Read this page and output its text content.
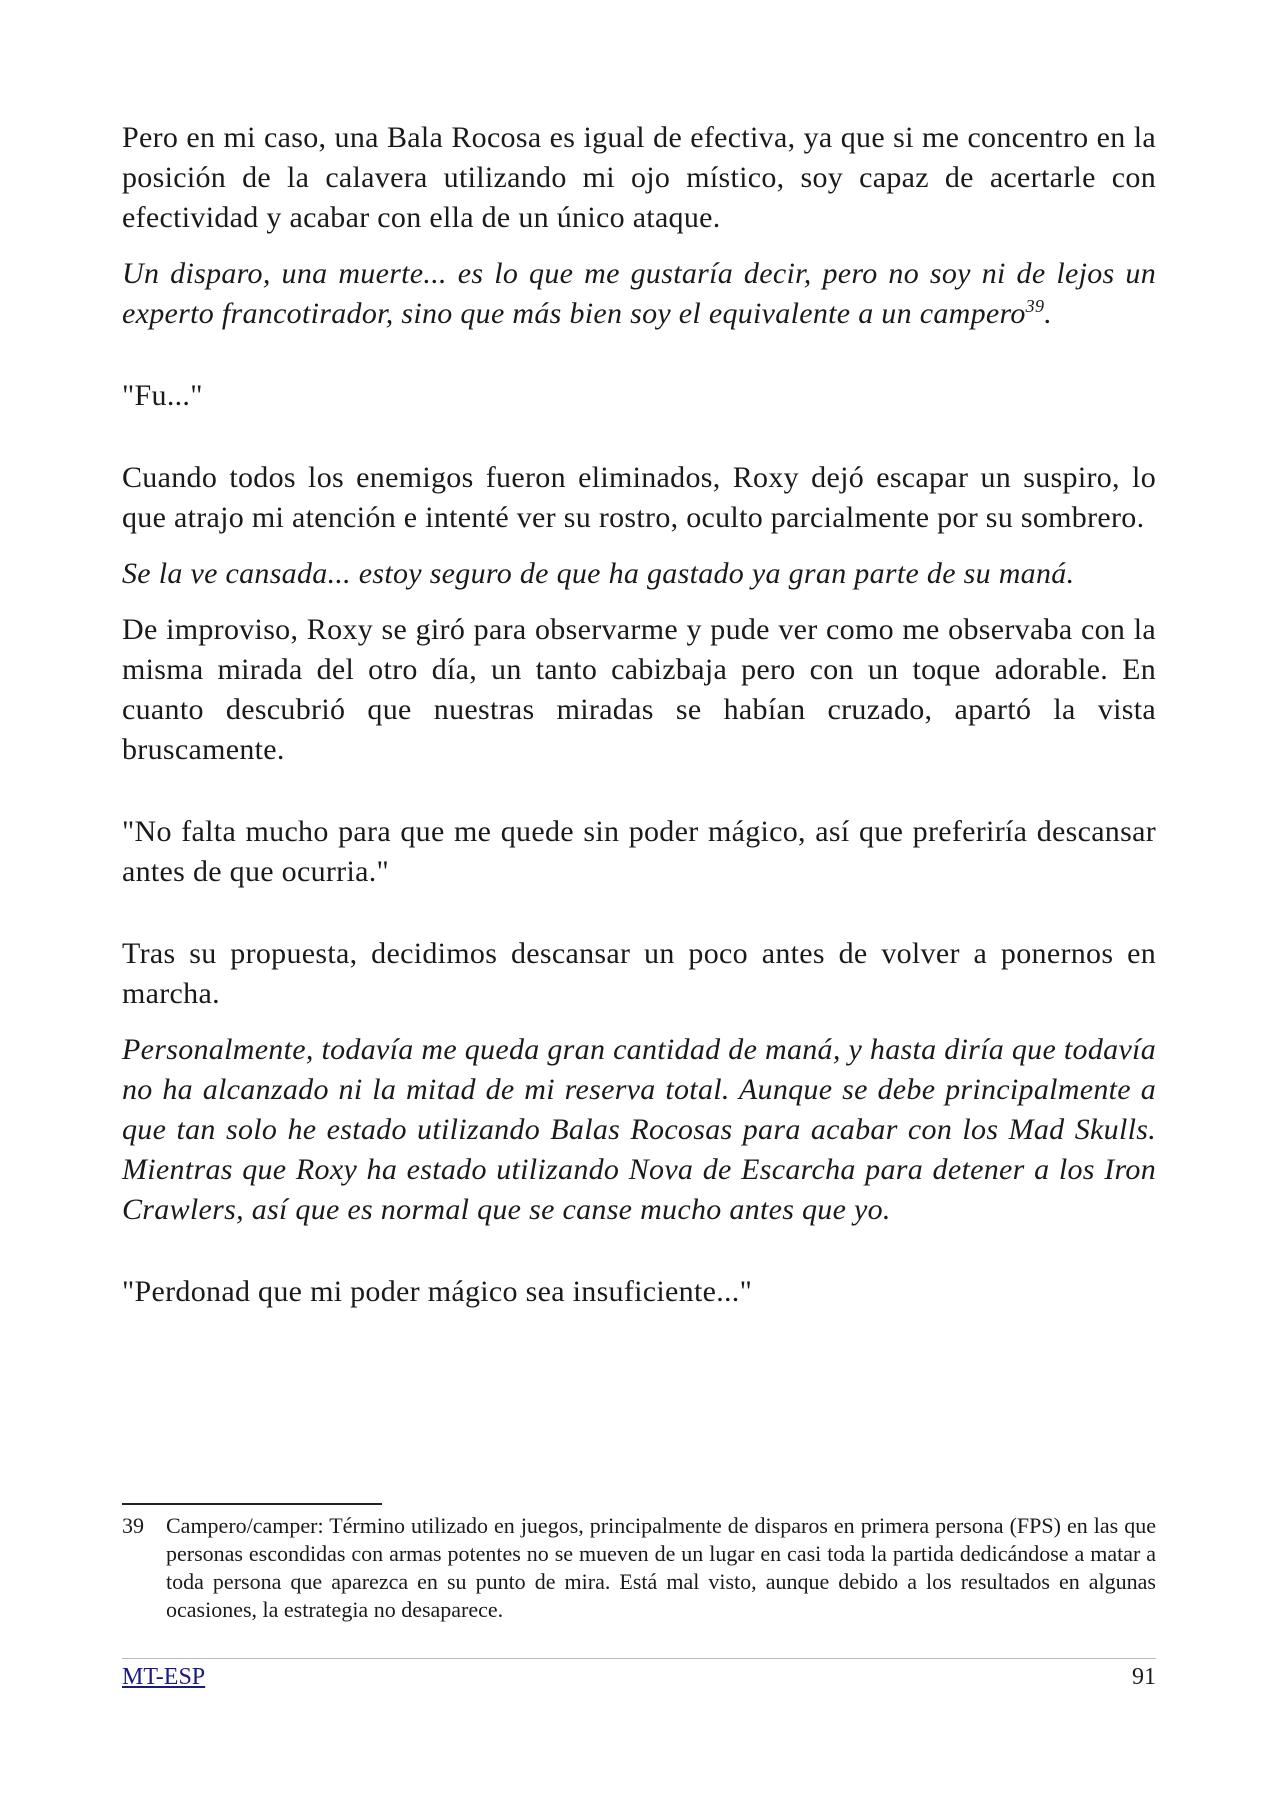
Pero en mi caso, una Bala Rocosa es igual de efectiva, ya que si me concentro en la posición de la calavera utilizando mi ojo místico, soy capaz de acertarle con efectividad y acabar con ella de un único ataque.

Un disparo, una muerte... es lo que me gustaría decir, pero no soy ni de lejos un experto francotirador, sino que más bien soy el equivalente a un campero$^{39}$.

"Fu..."

Cuando todos los enemigos fueron eliminados, Roxy dejó escapar un suspiro, lo que atrajo mi atención e intenté ver su rostro, oculto parcialmente por su sombrero.

Se la ve cansada... estoy seguro de que ha gastado ya gran parte de su maná.

De improviso, Roxy se giró para observarme y pude ver como me observaba con la misma mirada del otro día, un tanto cabizbaja pero con un toque adorable. En cuanto descubrió que nuestras miradas se habían cruzado, apartó la vista bruscamente.

"No falta mucho para que me quede sin poder mágico, así que preferiría descansar antes de que ocurria."

Tras su propuesta, decidimos descansar un poco antes de volver a ponernos en marcha.

Personalmente, todavía me queda gran cantidad de maná, y hasta diría que todavía no ha alcanzado ni la mitad de mi reserva total. Aunque se debe principalmente a que tan solo he estado utilizando Balas Rocosas para acabar con los Mad Skulls. Mientras que Roxy ha estado utilizando Nova de Escarcha para detener a los Iron Crawlers, así que es normal que se canse mucho antes que yo.

"Perdonad que mi poder mágico sea insuficiente..."

39	Campero/camper: Término utilizado en juegos, principalmente de disparos en primera persona (FPS) en las que personas escondidas con armas potentes no se mueven de un lugar en casi toda la partida dedicándose a matar a toda persona que aparezca en su punto de mira. Está mal visto, aunque debido a los resultados en algunas ocasiones, la estrategia no desaparece.
MT-ESP	91
